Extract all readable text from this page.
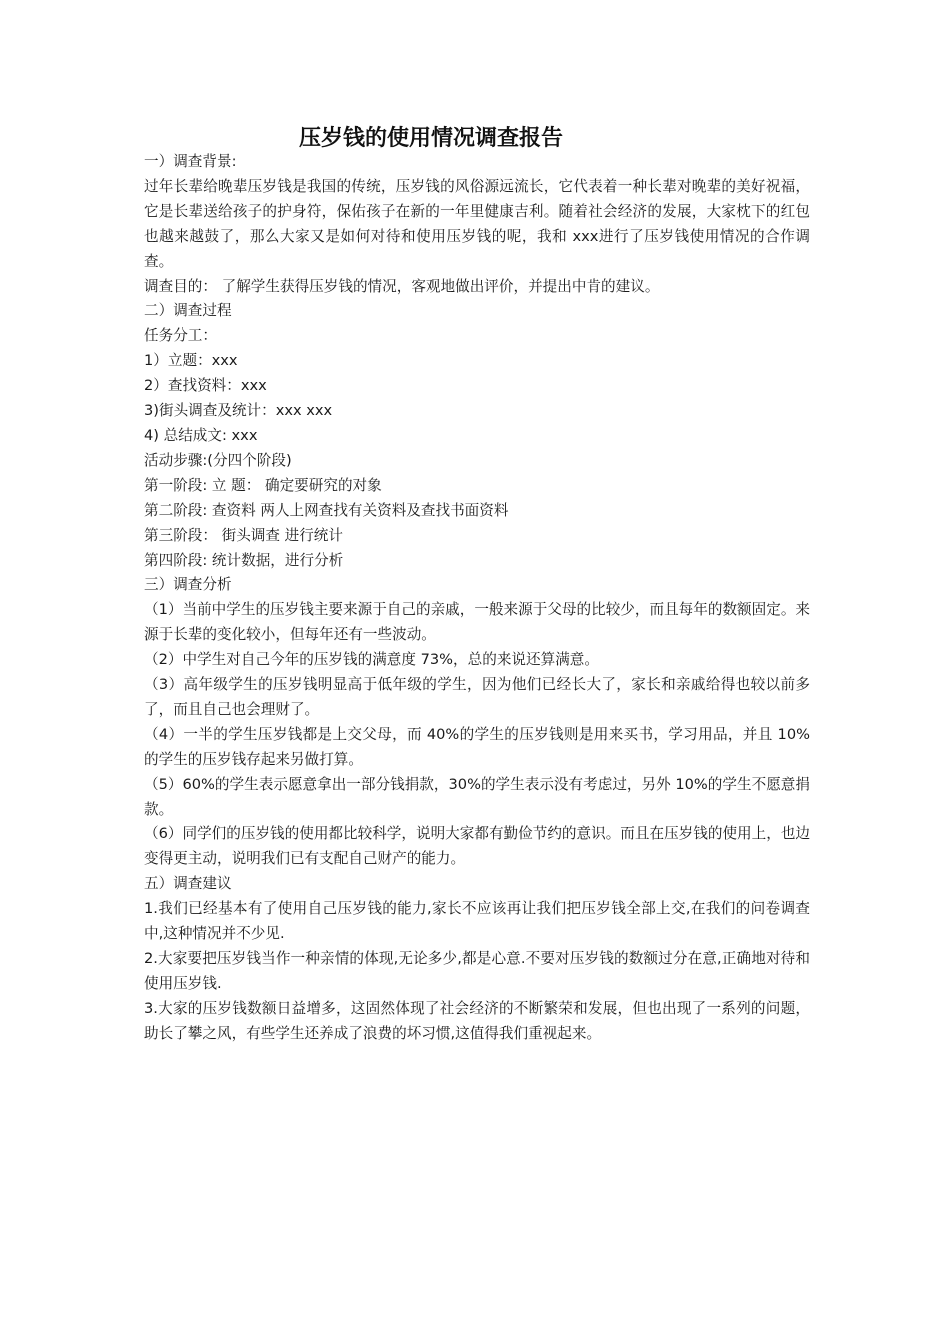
压岁钱的使用情况调查报告

一）调查背景:

过年长辈给晚辈压岁钱是我国的传统，压岁钱的风俗源远流长，它代表着一种长辈对晚辈的美好祝福，它是长辈送给孩子的护身符，保佑孩子在新的一年里健康吉利。随着社会经济的发展，大家枕下的红包也越来越鼓了，那么大家又是如何对待和使用压岁钱的呢，我和 xxx进行了压岁钱使用情况的合作调查。

调查目的： 了解学生获得压岁钱的情况，客观地做出评价，并提出中肯的建议。

二）调查过程

任务分工：

1）立题：xxx

2）查找资料：xxx

3)街头调查及统计：xxx xxx

4) 总结成文: xxx

活动步骤:(分四个阶段)

第一阶段: 立 题： 确定要研究的对象

第二阶段: 查资料 两人上网查找有关资料及查找书面资料

第三阶段： 街头调查 进行统计

第四阶段: 统计数据，进行分析

三）调查分析

（1）当前中学生的压岁钱主要来源于自己的亲戚，一般来源于父母的比较少，而且每年的数额固定。来源于长辈的变化较小，但每年还有一些波动。

（2）中学生对自己今年的压岁钱的满意度 73%，总的来说还算满意。

（3）高年级学生的压岁钱明显高于低年级的学生，因为他们已经长大了，家长和亲戚给得也较以前多了，而且自己也会理财了。

（4）一半的学生压岁钱都是上交父母，而 40%的学生的压岁钱则是用来买书，学习用品，并且 10%的学生的压岁钱存起来另做打算。

（5）60%的学生表示愿意拿出一部分钱捐款，30%的学生表示没有考虑过，另外 10%的学生不愿意捐款。

（6）同学们的压岁钱的使用都比较科学，说明大家都有勤俭节约的意识。而且在压岁钱的使用上，也边变得更主动，说明我们已有支配自己财产的能力。

五）调查建议

1.我们已经基本有了使用自己压岁钱的能力,家长不应该再让我们把压岁钱全部上交,在我们的问卷调查中,这种情况并不少见.

2.大家要把压岁钱当作一种亲情的体现,无论多少,都是心意.不要对压岁钱的数额过分在意,正确地对待和使用压岁钱.

3.大家的压岁钱数额日益增多，这固然体现了社会经济的不断繁荣和发展，但也出现了一系列的问题，助长了攀之风，有些学生还养成了浪费的坏习惯,这值得我们重视起来。
